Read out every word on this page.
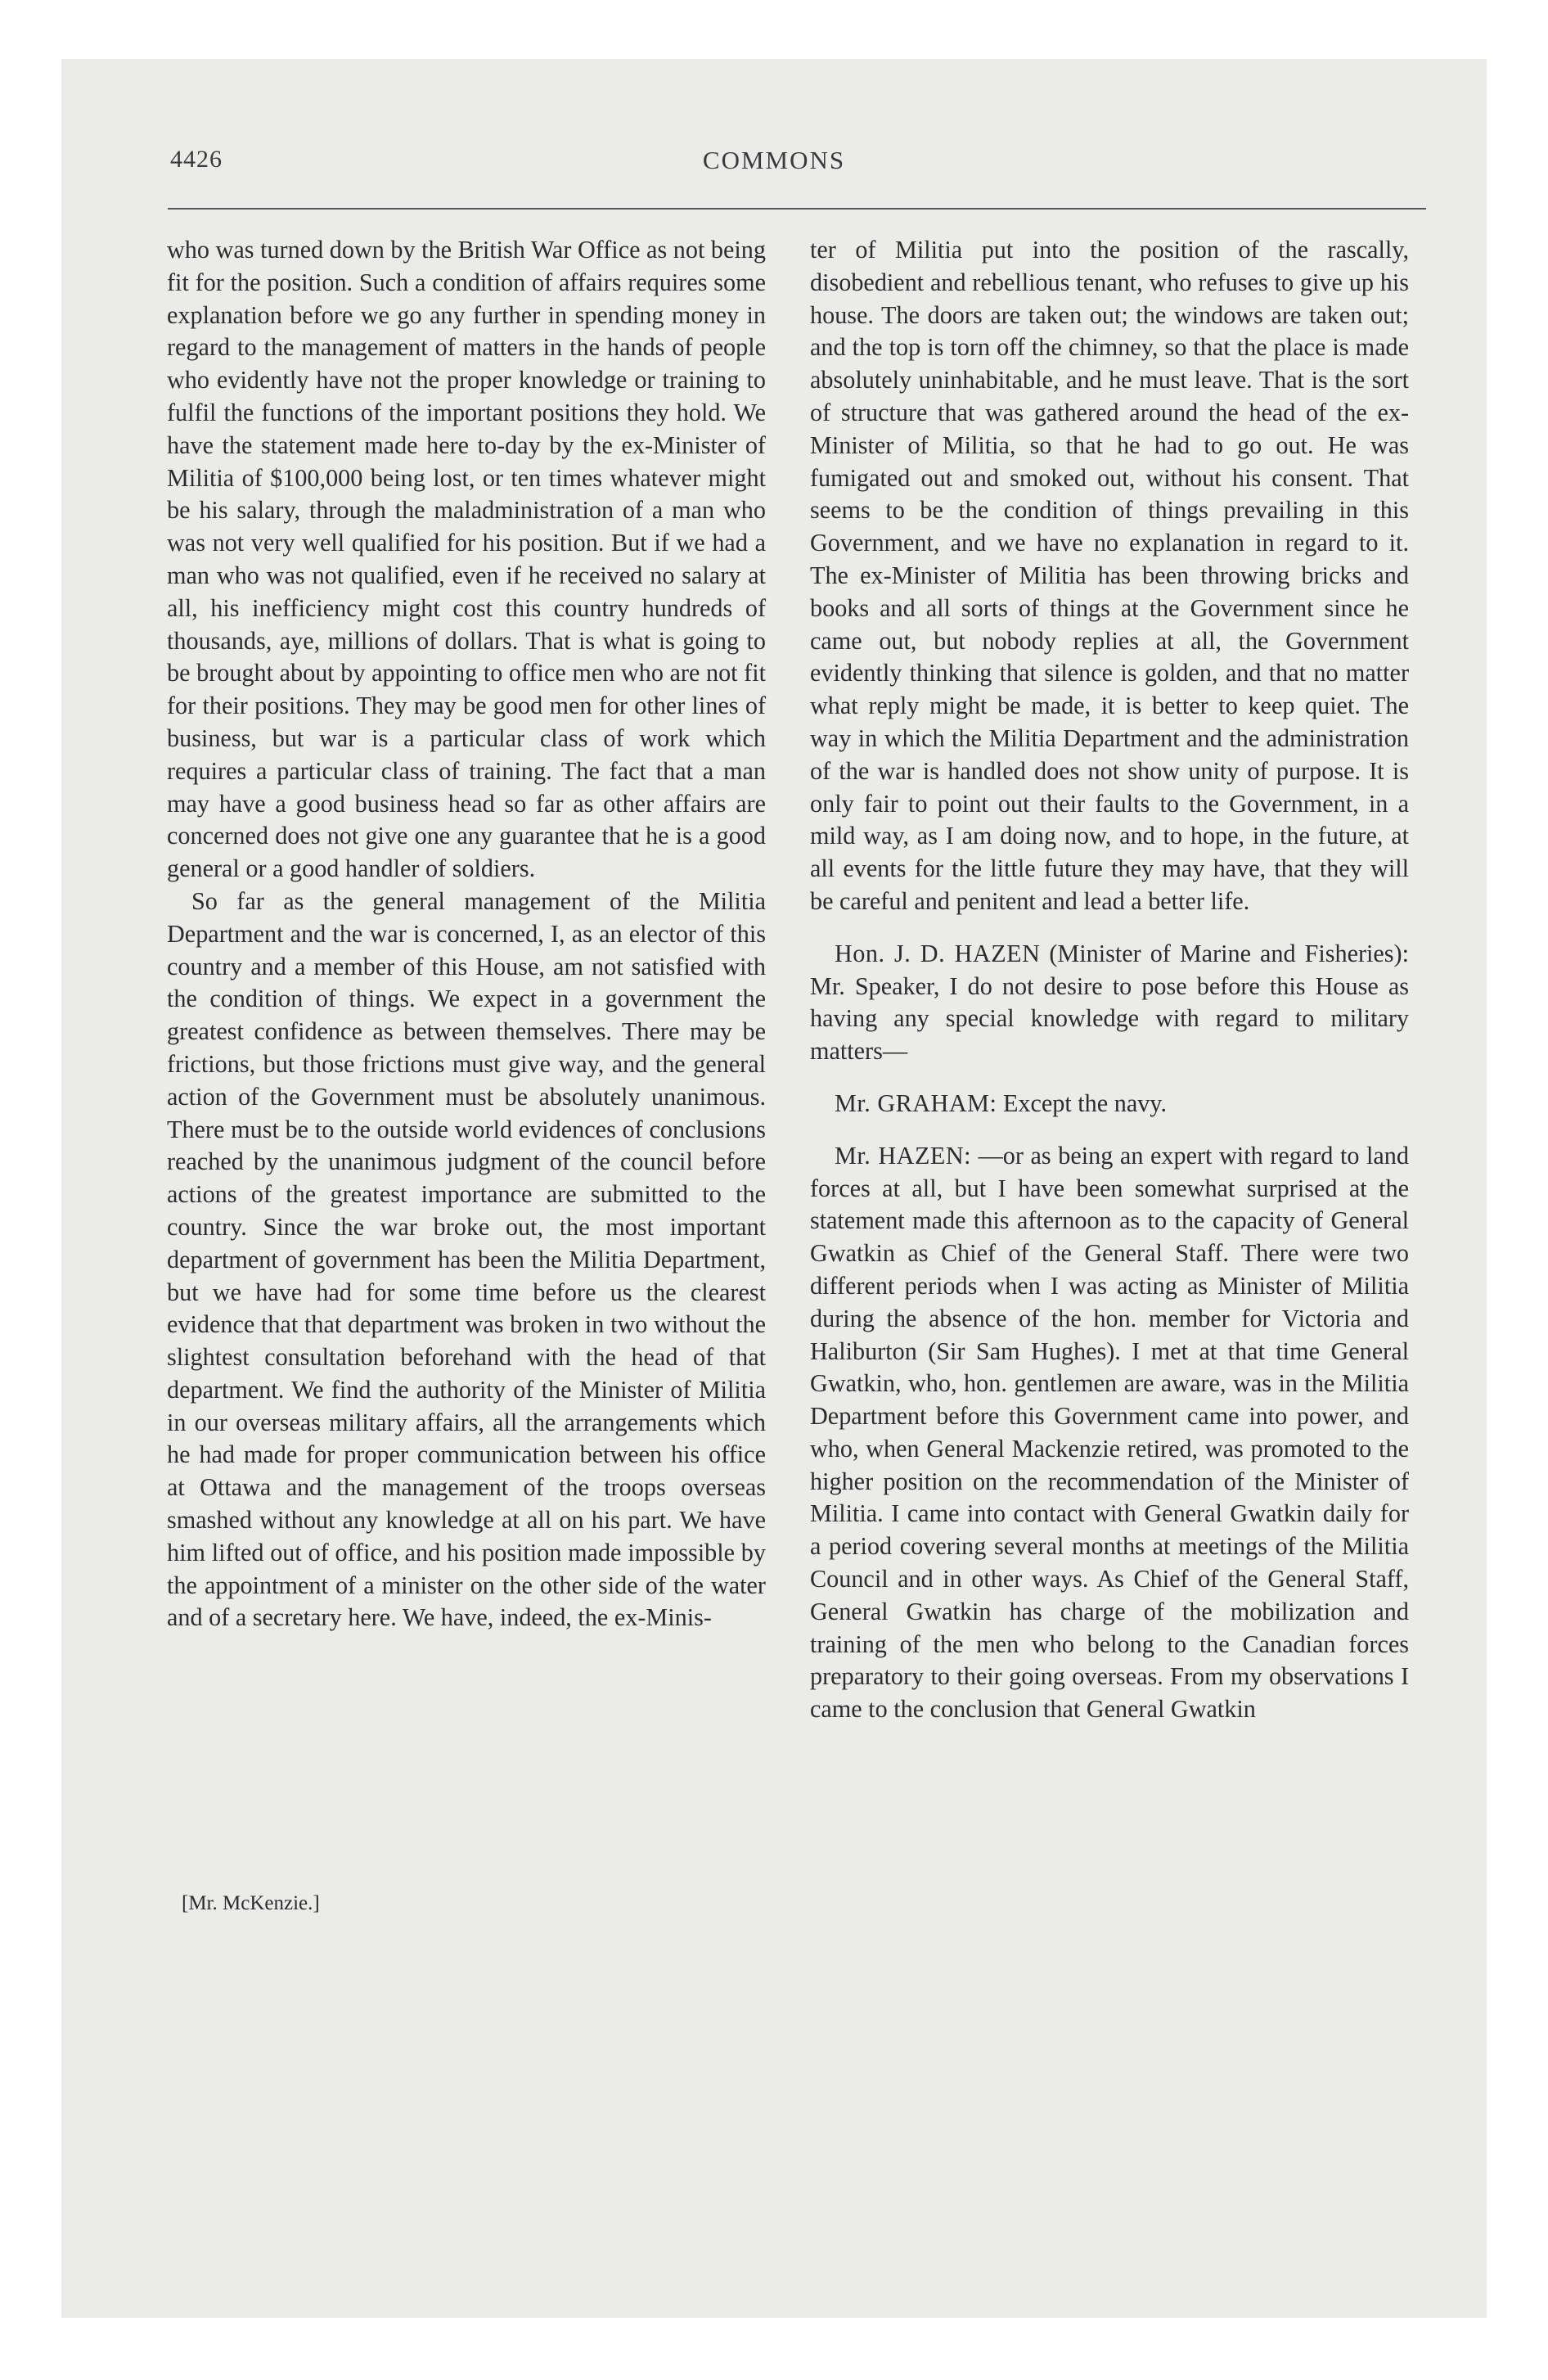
4426	COMMONS

who was turned down by the British War Office as not being fit for the position. Such a condition of affairs requires some explanation before we go any further in spending money in regard to the management of matters in the hands of people who evidently have not the proper knowledge or training to fulfil the functions of the important positions they hold. We have the statement made here to-day by the ex-Minister of Militia of $100,000 being lost, or ten times whatever might be his salary, through the maladministration of a man who was not very well qualified for his position. But if we had a man who was not qualified, even if he received no salary at all, his inefficiency might cost this country hundreds of thousands, aye, millions of dollars. That is what is going to be brought about by appointing to office men who are not fit for their positions. They may be good men for other lines of business, but war is a particular class of work which requires a particular class of training. The fact that a man may have a good business head so far as other affairs are concerned does not give one any guarantee that he is a good general or a good handler of soldiers.

So far as the general management of the Militia Department and the war is concerned, I, as an elector of this country and a member of this House, am not satisfied with the condition of things. We expect in a government the greatest confidence as between themselves. There may be frictions, but those frictions must give way, and the general action of the Government must be absolutely unanimous. There must be to the outside world evidences of conclusions reached by the unanimous judgment of the council before actions of the greatest importance are submitted to the country. Since the war broke out, the most important department of government has been the Militia Department, but we have had for some time before us the clearest evidence that that department was broken in two without the slightest consultation beforehand with the head of that department. We find the authority of the Minister of Militia in our overseas military affairs, all the arrangements which he had made for proper communication between his office at Ottawa and the management of the troops overseas smashed without any knowledge at all on his part. We have him lifted out of office, and his position made impossible by the appointment of a minister on the other side of the water and of a secretary here. We have, indeed, the ex-Minis-

[Mr. McKenzie.]

ter of Militia put into the position of the rascally, disobedient and rebellious tenant, who refuses to give up his house. The doors are taken out; the windows are taken out; and the top is torn off the chimney, so that the place is made absolutely uninhabitable, and he must leave. That is the sort of structure that was gathered around the head of the ex-Minister of Militia, so that he had to go out. He was fumigated out and smoked out, without his consent. That seems to be the condition of things prevailing in this Government, and we have no explanation in regard to it. The ex-Minister of Militia has been throwing bricks and books and all sorts of things at the Government since he came out, but nobody replies at all, the Government evidently thinking that silence is golden, and that no matter what reply might be made, it is better to keep quiet. The way in which the Militia Department and the administration of the war is handled does not show unity of purpose. It is only fair to point out their faults to the Government, in a mild way, as I am doing now, and to hope, in the future, at all events for the little future they may have, that they will be careful and penitent and lead a better life.

Hon. J. D. HAZEN (Minister of Marine and Fisheries): Mr. Speaker, I do not desire to pose before this House as having any special knowledge with regard to military matters—

Mr. GRAHAM: Except the navy.

Mr. HAZEN: —or as being an expert with regard to land forces at all, but I have been somewhat surprised at the statement made this afternoon as to the capacity of General Gwatkin as Chief of the General Staff. There were two different periods when I was acting as Minister of Militia during the absence of the hon. member for Victoria and Haliburton (Sir Sam Hughes). I met at that time General Gwatkin, who, hon. gentlemen are aware, was in the Militia Department before this Government came into power, and who, when General Mackenzie retired, was promoted to the higher position on the recommendation of the Minister of Militia. I came into contact with General Gwatkin daily for a period covering several months at meetings of the Militia Council and in other ways. As Chief of the General Staff, General Gwatkin has charge of the mobilization and training of the men who belong to the Canadian forces preparatory to their going overseas. From my observations I came to the conclusion that General Gwatkin
